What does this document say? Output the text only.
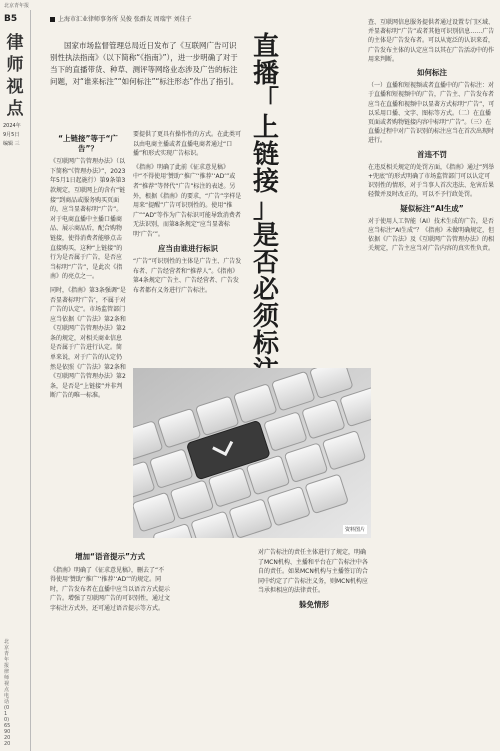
北京青年报
B5
律
师
视
点
2024年
9月5日
编辑 三
北京青年报 律师视点 电话(010)65902020
上海市汇业律师事务所 吴俊 张群友 周瑞宇 刘佳子
国家市场监督管理总局近日发布了《互联网广告可识别性执法指南》（以下简称“《指南》”），进一步明确了对于当下的直播带货、种草、测评等网络业态涉及广告的标注问题，对“谁来标注”“如何标注”“标注形态”作出了指引。
直
播
「
上
链
接
」
是
否
必
须
标
“上链接”等于“广告”？
《互联网广告管理办法》（以下简称“《管理办法》”，2023年5月1日起施行）第9条第3款规定，互联网上的含有“链接”到商品或服务购买页面的，应当显著标明“广告”。对于电商直播中主播口播商品、展示商品后，配合购物链接，使得消费者能够点击直接购买，这种“上链接”的行为是否属于广告，是否应当标明“广告”，是此次《指南》的亮点之一。
同时，《指南》第3条强调“是否显著标明‘广告’，不属于对广告的认定”。市场监管部门应当依据《广告法》第2条和《互联网广告管理办法》第2条的规定，对相关商业信息是否属于广告进行认定。简单来说，对于广告的认定仍然是依照《广告法》第2条和《互联网广告管理办法》第2条，是否是“上链接”并非判断广告的唯一标准。
要提供了更具有操作性的方式。在此类可以由电商主播或者直播电商者通过“口播”和形式实现广告标识。
《指南》明确了此前《征求意见稿》中“不得使用‘赞助’‘推广’‘推荐’‘AD’”或者“推荐”等替代“广告”标注的表述。另外，根据《指南》的要求，“广告”字样是用来“提醒”广告可识别性的。使用“推广”“AD”等作为广告标识可能导致消费者无法识别，而第8条规定“应当显著标明‘广告’”。
应当由谁进行标识
“广告”可识别性的主体是广告主、广告发布者、广告经营者和“推荐人”。《指南》第4条规定广告主、广告经营者、广告发布者都有义务进行广告标注。
资料图片
增加“语音提示”方式
《指南》明确了《征求意见稿》，删去了“不得使用‘赞助’‘推广’‘推荐’‘AD’”的规定。同时，广告发布者在直播中应当以语音方式提示广告。增强了互联网广告的可识别性，通过文字标注方式外，还可通过语音提示等方式。
对广告标注的责任主体进行了规定，明确了MCN机构、主播和平台在广告标注中各自的责任。如果MCN机构与主播签订的合同中约定了广告标注义务，则MCN机构应当承担相应的法律责任。
躲免情形
查、互联网信息服务提供者通过设置专门区域、并显著标明“广告”或者其他可识别信息……广告的主体是广告发布者。可以从宽泛的认识来看，广告发布主体的认定应当以其在广告活动中的作用来判断。
如何标注
（一）直播和短视频或者直播中的广告标注：对于直播和短视频中的广告，广告主、广告发布者应当在直播和视频中以显著方式标明“广告”，可以采用口播、文字、图标等方式。（二）在直播页面或者购物链接内容中标明“广告”。（三）在直播过程中对广告识别的标注应当在首次出现时进行。
首违不罚
在违反相关规定的处罚方面，《指南》通过“列举+兜底”的形式明确了市场监管部门可以认定可识别性的情形，对于当事人首次违法、危害后果轻微并及时改正的，可以不予行政处罚。
疑似标注“AI生成”
对于使用人工智能（AI）技术生成的广告，是否应当标注“AI生成”？《指南》未做明确规定，但依据《广告法》及《互联网广告管理办法》的相关规定，广告主应当对广告内容的真实性负责。
